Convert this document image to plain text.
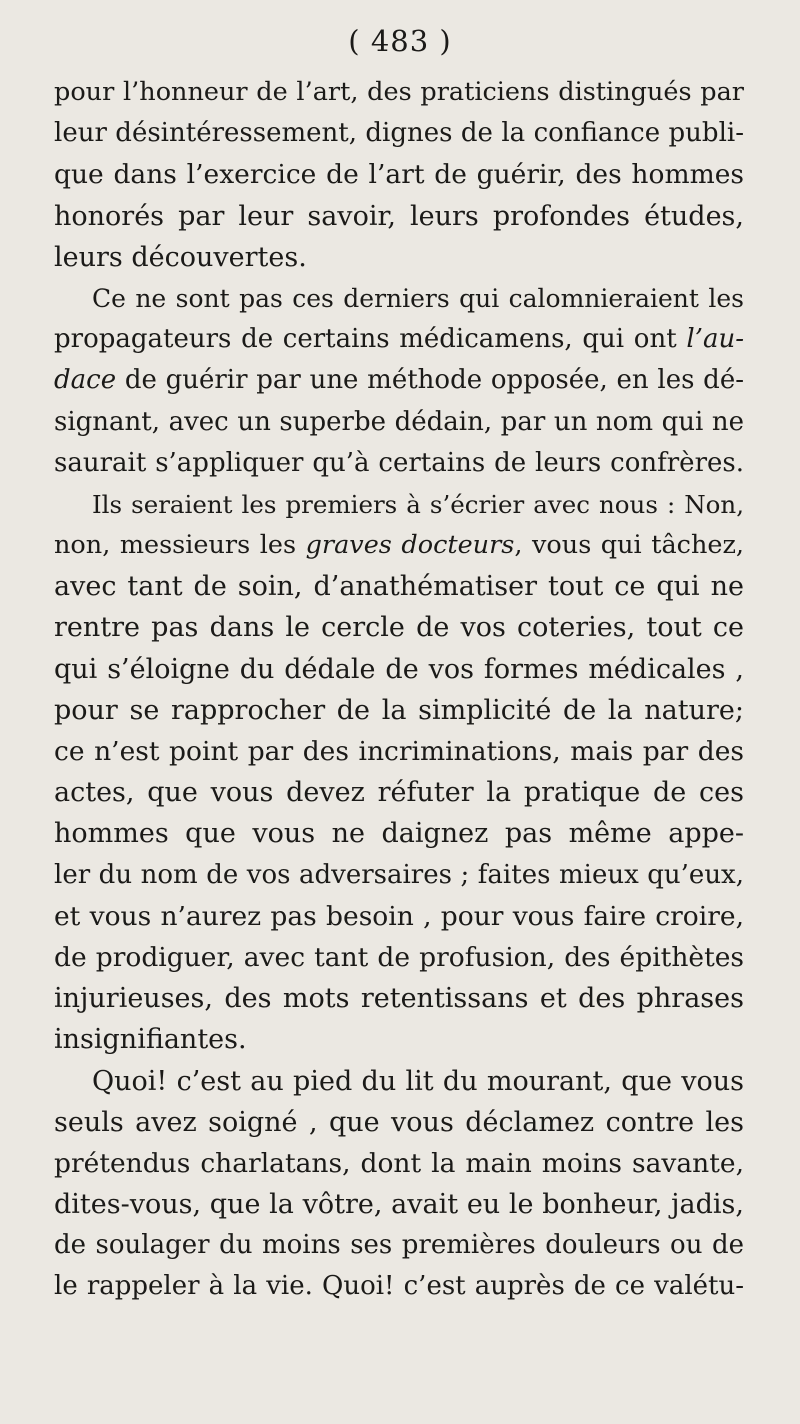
( 483 )
pour l’honneur de l’art, des praticiens distingués par
leur désintéressement, dignes de la confiance publi-
que dans l’exercice de l’art de guérir, des hommes
honorés par leur savoir, leurs profondes études,
leurs découvertes.
Ce ne sont pas ces derniers qui calomnieraient les
propagateurs de certains médicamens, qui ont l’au-
dace de guérir par une méthode opposée, en les dé-
signant, avec un superbe dédain, par un nom qui ne
saurait s’appliquer qu’à certains de leurs confrères.
Ils seraient les premiers à s’écrier avec nous : Non,
non, messieurs les graves docteurs, vous qui tâchez,
avec tant de soin, d’anathématiser tout ce qui ne
rentre pas dans le cercle de vos coteries, tout ce
qui s’éloigne du dédale de vos formes médicales ,
pour se rapprocher de la simplicité de la nature;
ce n’est point par des incriminations, mais par des
actes, que vous devez réfuter la pratique de ces
hommes que vous ne daignez pas même appe-
ler du nom de vos adversaires ; faites mieux qu’eux,
et vous n’aurez pas besoin , pour vous faire croire,
de prodiguer, avec tant de profusion, des épithètes
injurieuses, des mots retentissans et des phrases
insignifiantes.
Quoi! c’est au pied du lit du mourant, que vous
seuls avez soigné , que vous déclamez contre les
prétendus charlatans, dont la main moins savante,
dites-vous, que la vôtre, avait eu le bonheur, jadis,
de soulager du moins ses premières douleurs ou de
le rappeler à la vie. Quoi! c’est auprès de ce valétu-
